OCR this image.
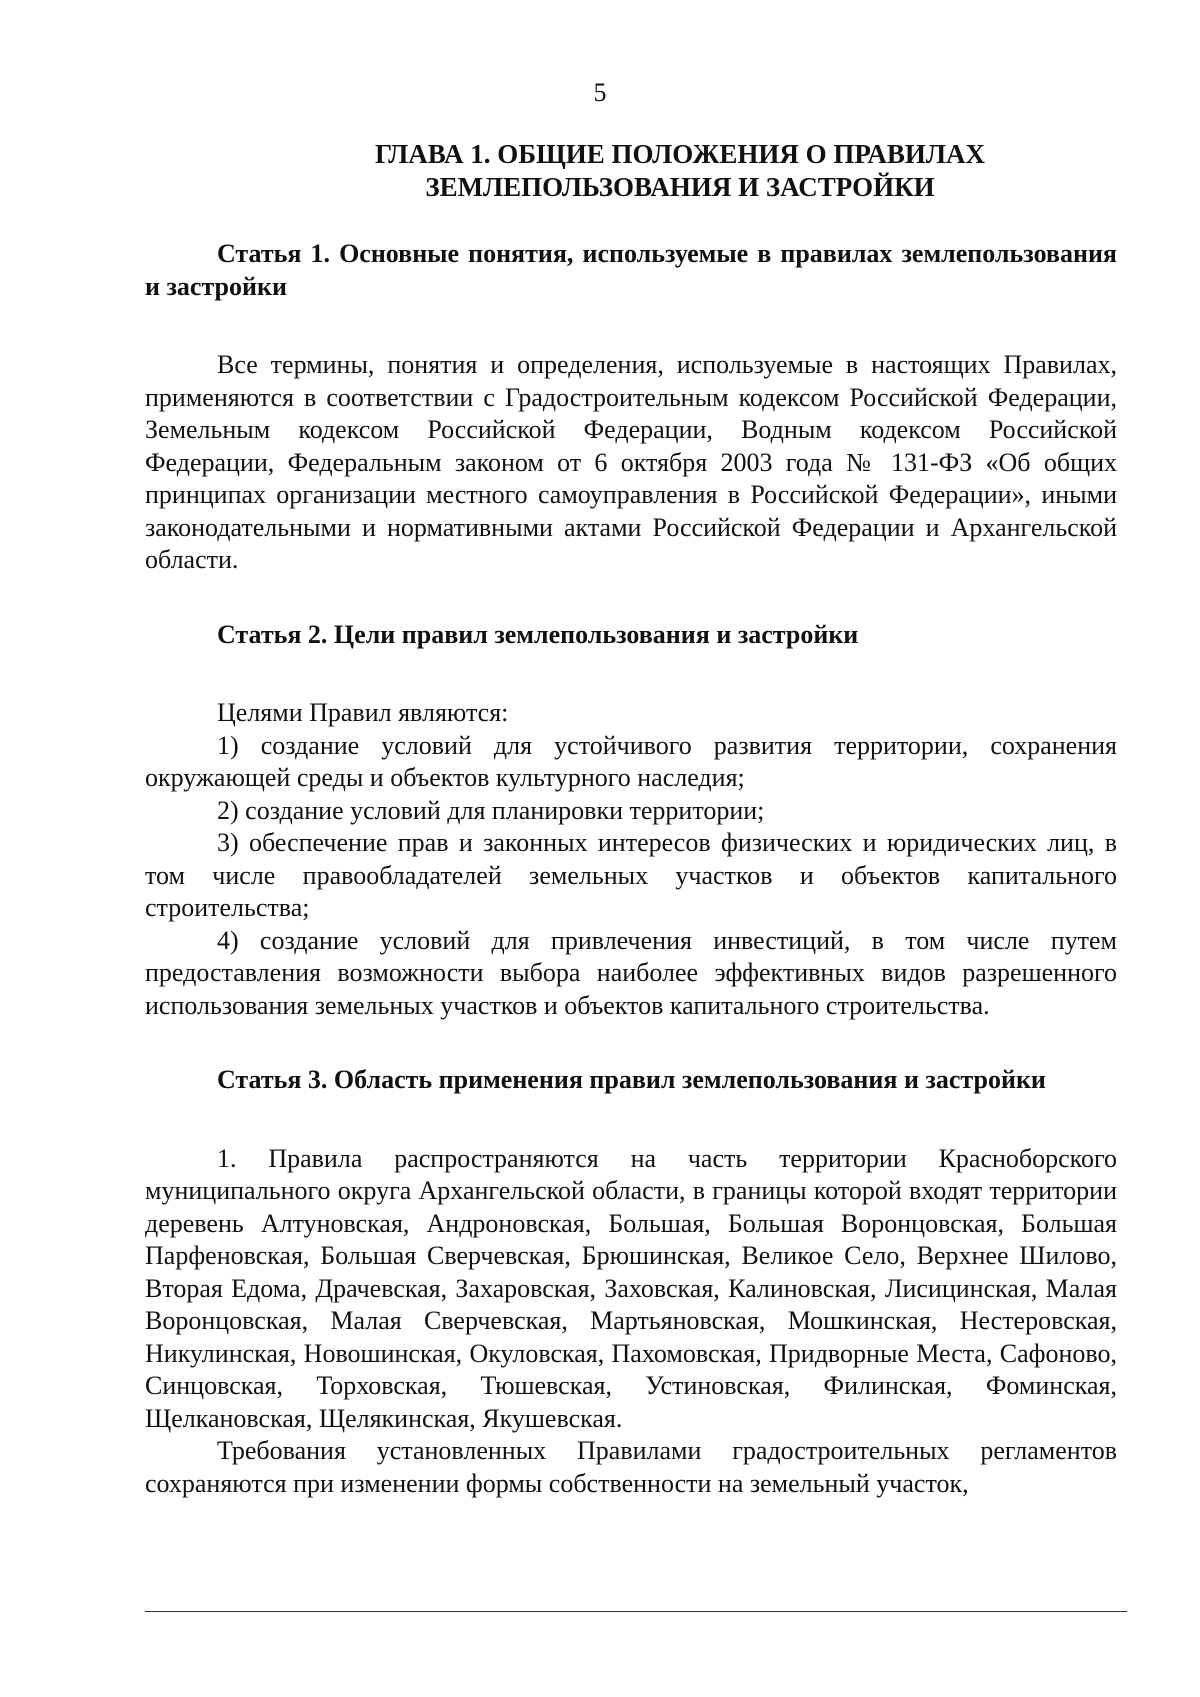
5

ГЛАВА 1. ОБЩИЕ ПОЛОЖЕНИЯ О ПРАВИЛАХ
ЗЕМЛЕПОЛЬЗОВАНИЯ И ЗАСТРОЙКИ
Статья 1. Основные понятия, используемые в правилах землепользования и застройки

Все термины, понятия и определения, используемые в настоящих Правилах, применяются в соответствии с Градостроительным кодексом Российской Федерации, Земельным кодексом Российской Федерации, Водным кодексом Российской Федерации, Федеральным законом от 6 октября 2003 года № 131-ФЗ «Об общих принципах организации местного самоуправления в Российской Федерации», иными законодательными и нормативными актами Российской Федерации и Архангельской области.

Статья 2. Цели правил землепользования и застройки

Целями Правил являются:

1) создание условий для устойчивого развития территории, сохранения окружающей среды и объектов культурного наследия;

2) создание условий для планировки территории;

3) обеспечение прав и законных интересов физических и юридических лиц, в том числе правообладателей земельных участков и объектов капитального строительства;

4) создание условий для привлечения инвестиций, в том числе путем предоставления возможности выбора наиболее эффективных видов разрешенного использования земельных участков и объектов капитального строительства.

Статья 3. Область применения правил землепользования и застройки

1. Правила распространяются на часть территории Красноборского муниципального округа Архангельской области, в границы которой входят территории деревень Алтуновская, Андроновская, Большая, Большая Воронцовская, Большая Парфеновская, Большая Сверчевская, Брюшинская, Великое Село, Верхнее Шилово, Вторая Едома, Драчевская, Захаровская, Заховская, Калиновская, Лисицинская, Малая Воронцовская, Малая Сверчевская, Мартьяновская, Мошкинская, Нестеровская, Никулинская, Новошинская, Окуловская, Пахомовская, Придворные Места, Сафоново, Синцовская, Торховская, Тюшевская, Устиновская, Филинская, Фоминская, Щелкановская, Щелякинская, Якушевская.

Требования установленных Правилами градостроительных регламентов сохраняются при изменении формы собственности на земельный участок,
